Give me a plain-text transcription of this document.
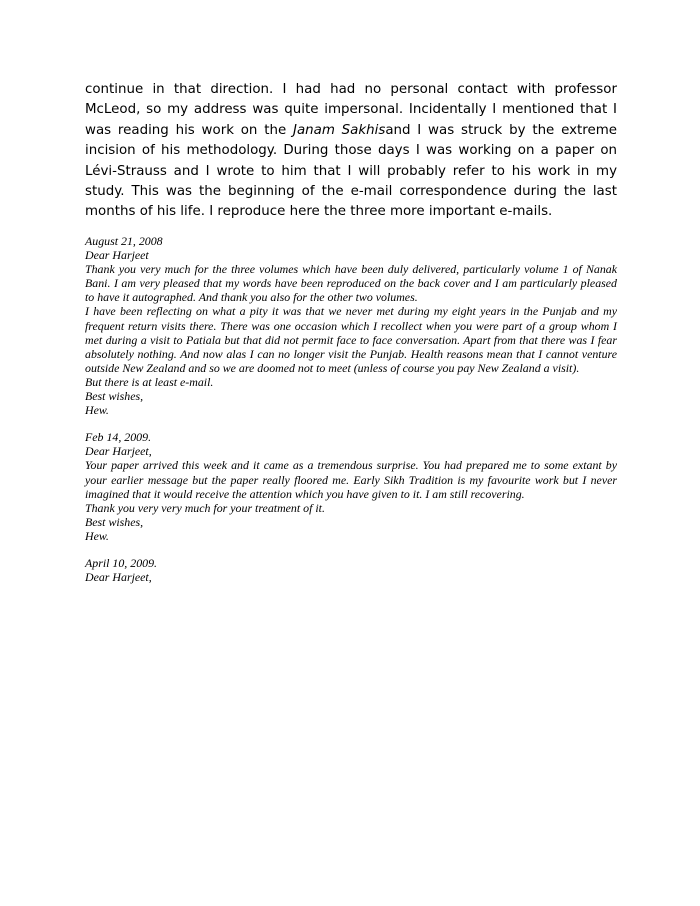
continue in that direction. I had had no personal contact with professor McLeod, so my address was quite impersonal. Incidentally I mentioned that I was reading his work on the Janam Sakhisand I was struck by the extreme incision of his methodology. During those days I was working on a paper on Lévi-Strauss and I wrote to him that I will probably refer to his work in my study. This was the beginning of the e-mail correspondence during the last months of his life. I reproduce here the three more important e-mails.

August 21, 2008

Dear Harjeet

Thank you very much for the three volumes which have been duly delivered, particularly volume 1 of Nanak Bani. I am very pleased that my words have been reproduced on the back cover and I am particularly pleased to have it autographed. And thank you also for the other two volumes.

I have been reflecting on what a pity it was that we never met during my eight years in the Punjab and my frequent return visits there. There was one occasion which I recollect when you were part of a group whom I met during a visit to Patiala but that did not permit face to face conversation. Apart from that there was I fear absolutely nothing. And now alas I can no longer visit the Punjab. Health reasons mean that I cannot venture outside New Zealand and so we are doomed not to meet (unless of course you pay New Zealand a visit).

But there is at least e-mail.

Best wishes,

Hew.

Feb 14, 2009.

Dear Harjeet,

Your paper arrived this week and it came as a tremendous surprise. You had prepared me to some extant by your earlier message but the paper really floored me. Early Sikh Tradition is my favourite work but I never imagined that it would receive the attention which you have given to it. I am still recovering.

Thank you very very much for your treatment of it.

Best wishes,

Hew.

April 10, 2009.

Dear Harjeet,
